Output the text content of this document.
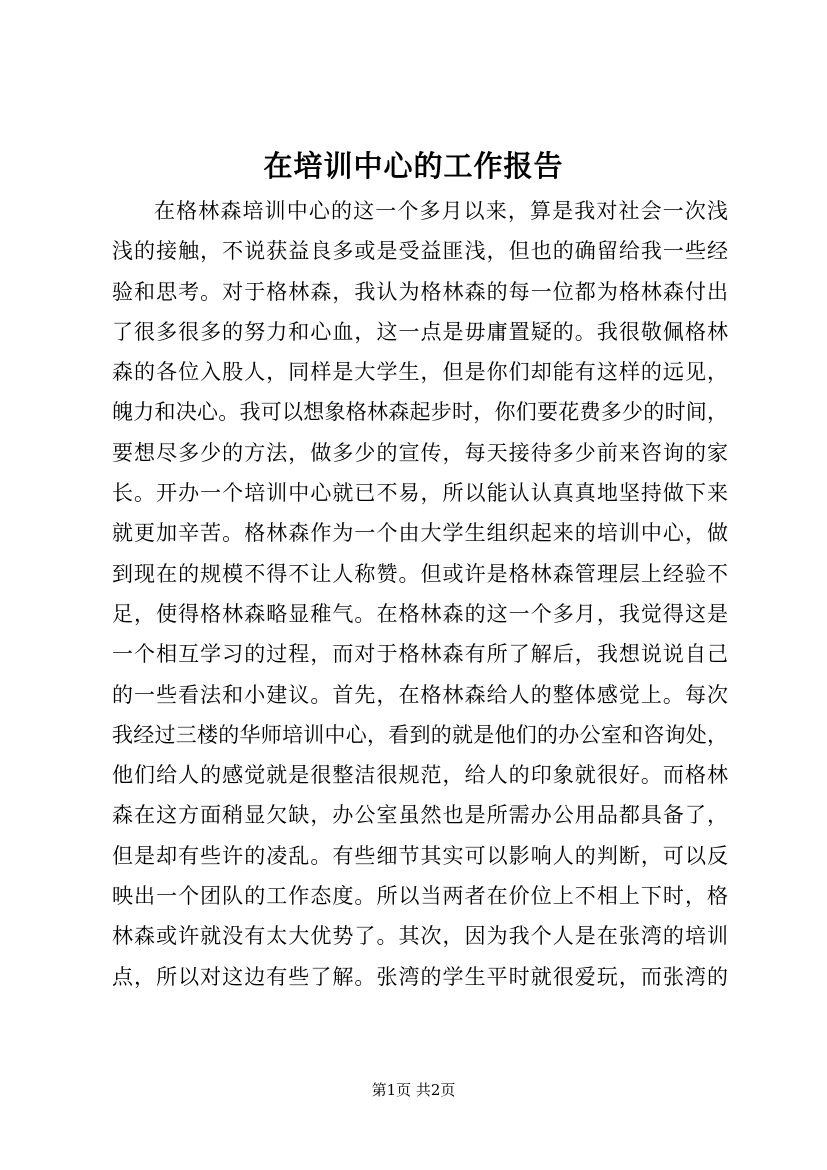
在培训中心的工作报告
在格林森培训中心的这一个多月以来，算是我对社会一次浅
浅的接触，不说获益良多或是受益匪浅，但也的确留给我一些经
验和思考。对于格林森，我认为格林森的每一位都为格林森付出
了很多很多的努力和心血，这一点是毋庸置疑的。我很敬佩格林
森的各位入股人，同样是大学生，但是你们却能有这样的远见，
魄力和决心。我可以想象格林森起步时，你们要花费多少的时间，
要想尽多少的方法，做多少的宣传，每天接待多少前来咨询的家
长。开办一个培训中心就已不易，所以能认认真真地坚持做下来
就更加辛苦。格林森作为一个由大学生组织起来的培训中心，做
到现在的规模不得不让人称赞。但或许是格林森管理层上经验不
足，使得格林森略显稚气。在格林森的这一个多月，我觉得这是
一个相互学习的过程，而对于格林森有所了解后，我想说说自己
的一些看法和小建议。首先，在格林森给人的整体感觉上。每次
我经过三楼的华师培训中心，看到的就是他们的办公室和咨询处，
他们给人的感觉就是很整洁很规范，给人的印象就很好。而格林
森在这方面稍显欠缺，办公室虽然也是所需办公用品都具备了，
但是却有些许的凌乱。有些细节其实可以影响人的判断，可以反
映出一个团队的工作态度。所以当两者在价位上不相上下时，格
林森或许就没有太大优势了。其次，因为我个人是在张湾的培训
点，所以对这边有些了解。张湾的学生平时就很爱玩，而张湾的
第1页 共2页
